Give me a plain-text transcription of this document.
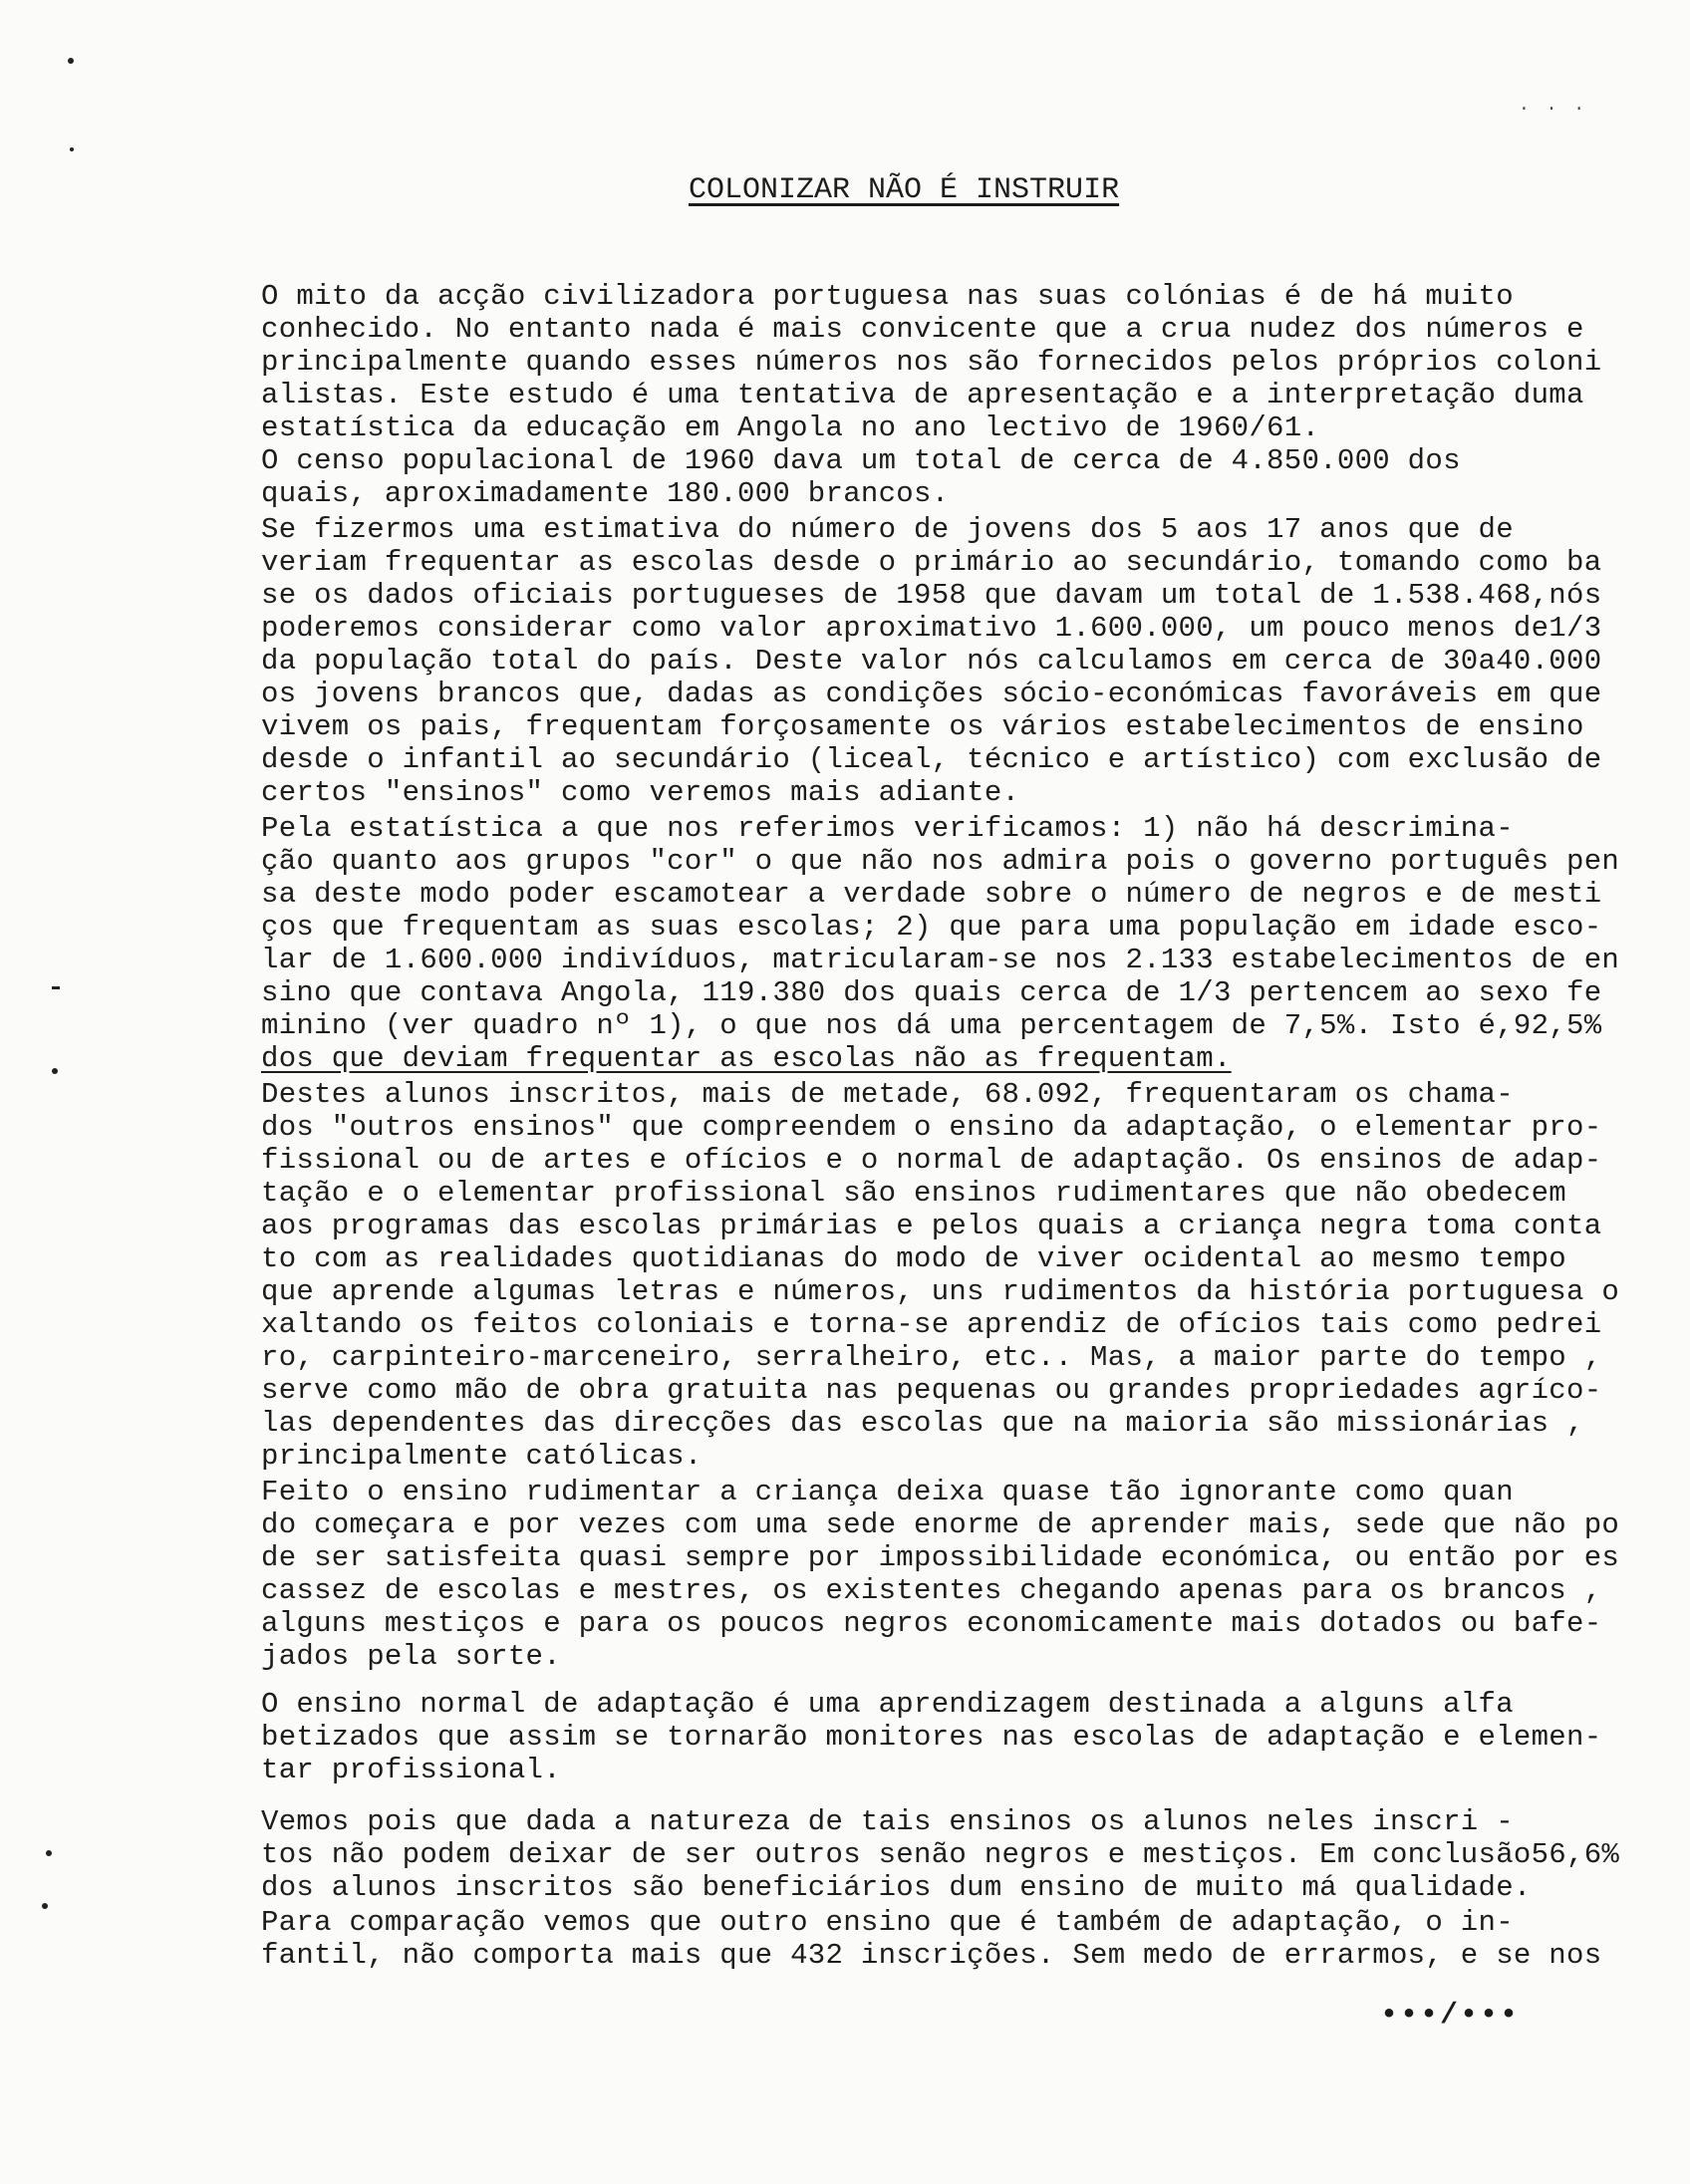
. . .
COLONIZAR NÃO É INSTRUIR
O mito da acção civilizadora portuguesa nas suas colónias é de há muito
conhecido. No entanto nada é mais convicente que a crua nudez dos números e
principalmente quando esses números nos são fornecidos pelos próprios coloni
alistas. Este estudo é uma tentativa de apresentação e a interpretação duma
estatística da educação em Angola no ano lectivo de 1960/61.
O censo populacional de 1960 dava um total de cerca de 4.850.000 dos
quais, aproximadamente 180.000 brancos.
Se fizermos uma estimativa do número de jovens dos 5 aos 17 anos que de
veriam frequentar as escolas desde o primário ao secundário, tomando como ba
se os dados oficiais portugueses de 1958 que davam um total de 1.538.468,nós
poderemos considerar como valor aproximativo 1.600.000, um pouco menos de1/3
da população total do país. Deste valor nós calculamos em cerca de 30a40.000
os jovens brancos que, dadas as condições sócio-económicas favoráveis em que
vivem os pais, frequentam forçosamente os vários estabelecimentos de ensino
desde o infantil ao secundário (liceal, técnico e artístico) com exclusão de
certos "ensinos" como veremos mais adiante.
Pela estatística a que nos referimos verificamos: 1) não há descrimina-
ção quanto aos grupos "cor" o que não nos admira pois o governo português pen
sa deste modo poder escamotear a verdade sobre o número de negros e de mesti
ços que frequentam as suas escolas; 2) que para uma população em idade esco-
lar de 1.600.000 indivíduos, matricularam-se nos 2.133 estabelecimentos de en
sino que contava Angola, 119.380 dos quais cerca de 1/3 pertencem ao sexo fe
minino (ver quadro nº 1), o que nos dá uma percentagem de 7,5%. Isto é,92,5%
dos que deviam frequentar as escolas não as frequentam.
Destes alunos inscritos, mais de metade, 68.092, frequentaram os chama-
dos "outros ensinos" que compreendem o ensino da adaptação, o elementar pro-
fissional ou de artes e ofícios e o normal de adaptação. Os ensinos de adap-
tação e o elementar profissional são ensinos rudimentares que não obedecem
aos programas das escolas primárias e pelos quais a criança negra toma conta
to com as realidades quotidianas do modo de viver ocidental ao mesmo tempo
que aprende algumas letras e números, uns rudimentos da história portuguesa o
xaltando os feitos coloniais e torna-se aprendiz de ofícios tais como pedrei
ro, carpinteiro-marceneiro, serralheiro, etc.. Mas, a maior parte do tempo ,
serve como mão de obra gratuita nas pequenas ou grandes propriedades agríco-
las dependentes das direcções das escolas que na maioria são missionárias ,
principalmente católicas.
Feito o ensino rudimentar a criança deixa quase tão ignorante como quan
do começara e por vezes com uma sede enorme de aprender mais, sede que não po
de ser satisfeita quasi sempre por impossibilidade económica, ou então por es
cassez de escolas e mestres, os existentes chegando apenas para os brancos ,
alguns mestiços e para os poucos negros economicamente mais dotados ou bafe-
jados pela sorte.
O ensino normal de adaptação é uma aprendizagem destinada a alguns alfa
betizados que assim se tornarão monitores nas escolas de adaptação e elemen-
tar profissional.
Vemos pois que dada a natureza de tais ensinos os alunos neles inscri -
tos não podem deixar de ser outros senão negros e mestiços. Em conclusão56,6%
dos alunos inscritos são beneficiários dum ensino de muito má qualidade.
Para comparação vemos que outro ensino que é também de adaptação, o in-
fantil, não comporta mais que 432 inscrições. Sem medo de errarmos, e se nos
•••/•••
